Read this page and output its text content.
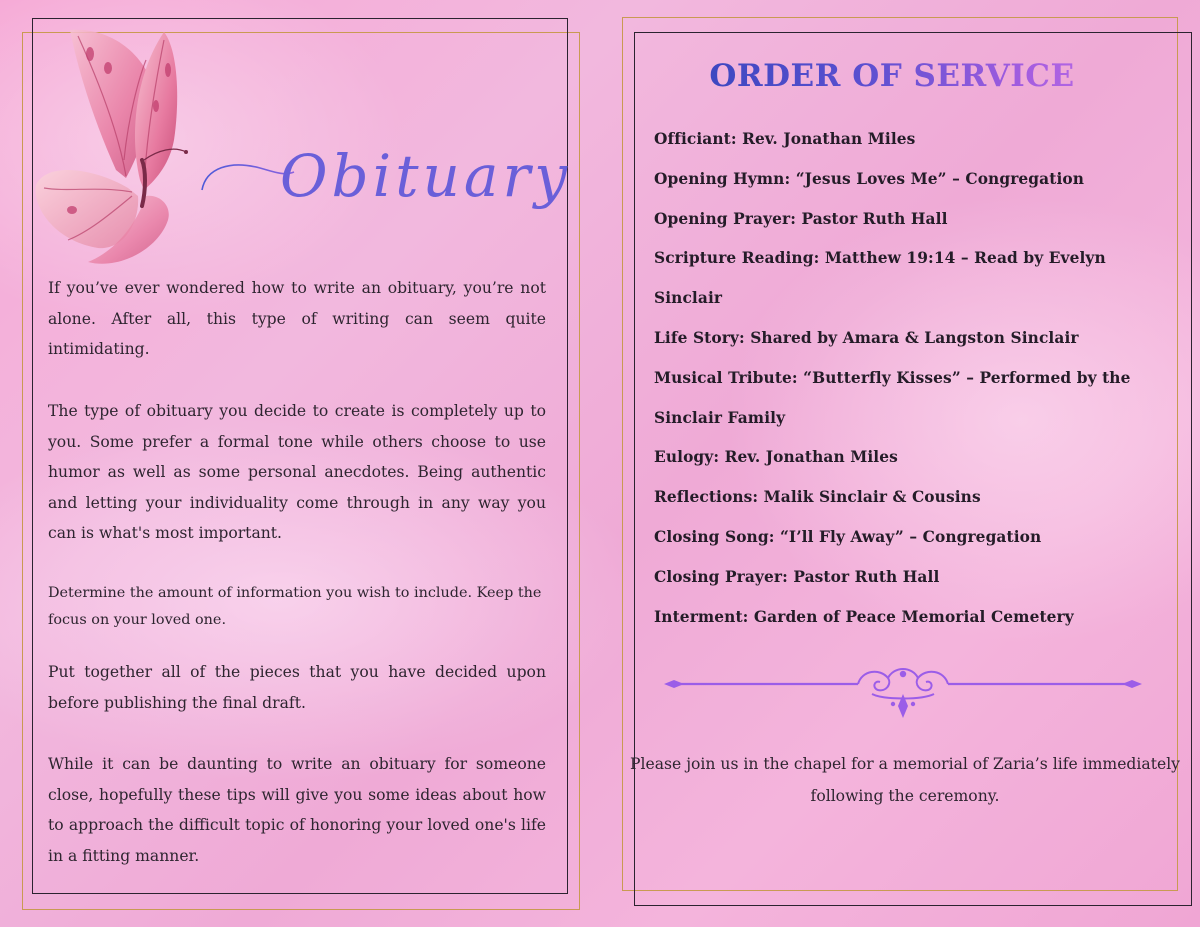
Obituary

If you’ve ever wondered how to write an obituary, you’re not alone. After all, this type of writing can seem quite intimidating.

The type of obituary you decide to create is completely up to you. Some prefer a formal tone while others choose to use humor as well as some personal anecdotes. Being authentic and letting your individuality come through in any way you can is what's most important.

Determine the amount of information you wish to include. Keep the focus on your loved one.

Put together all of the pieces that you have decided upon before publishing the final draft.

While it can be daunting to write an obituary for someone close, hopefully these tips will give you some ideas about how to approach the difficult topic of honoring your loved one's life in a fitting manner.

ORDER OF SERVICE
Officiant: Rev. Jonathan Miles
Opening Hymn: “Jesus Loves Me” – Congregation
Opening Prayer: Pastor Ruth Hall
Scripture Reading: Matthew 19:14 – Read by Evelyn Sinclair
Life Story: Shared by Amara & Langston Sinclair
Musical Tribute: “Butterfly Kisses” – Performed by the Sinclair Family
Eulogy: Rev. Jonathan Miles
Reflections: Malik Sinclair & Cousins
Closing Song: “I’ll Fly Away” – Congregation
Closing Prayer: Pastor Ruth Hall
Interment: Garden of Peace Memorial Cemetery
Please join us in the chapel for a memorial of Zaria’s life immediately following the ceremony.
